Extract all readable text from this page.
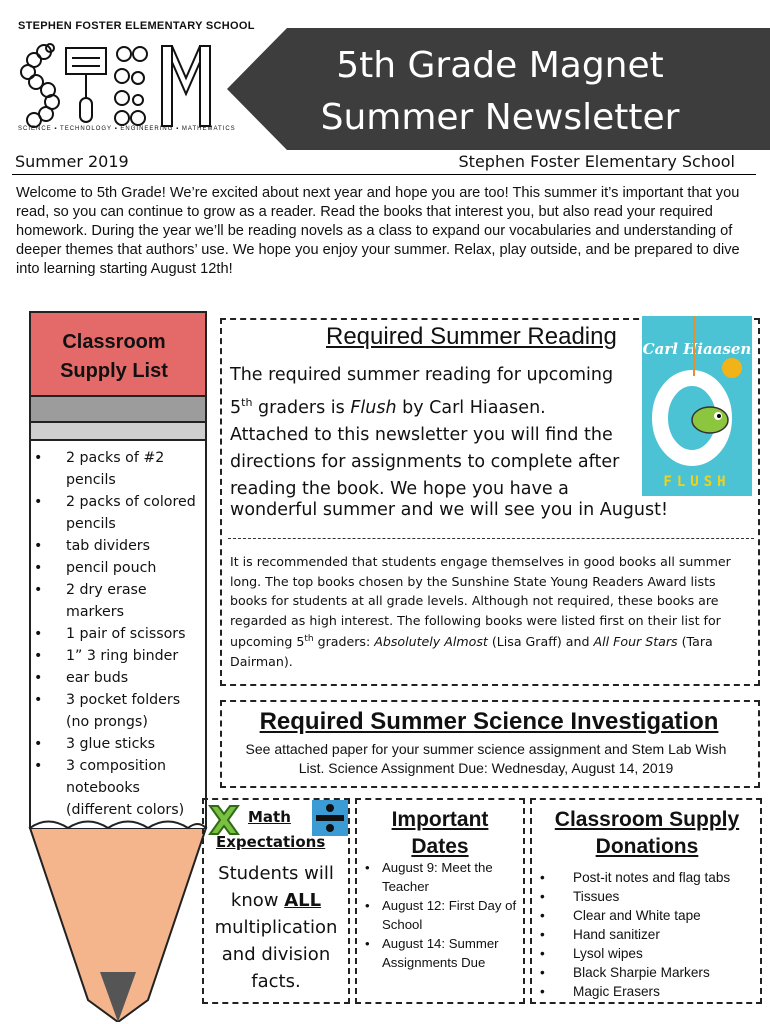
STEPHEN FOSTER ELEMENTARY SCHOOL
SCIENCE ▪ TECHNOLOGY ▪ ENGINEERING ▪ MATHEMATICS
5th Grade Magnet
Summer Newsletter
Summer 2019	Stephen Foster Elementary School
Welcome to 5th Grade! We’re excited about next year and hope you are too! This summer it’s important that you read, so you can continue to grow as a reader. Read the books that interest you, but also read your required homework. During the year we’ll be reading novels as a class to expand our vocabularies and understanding of deeper themes that authors’ use. We hope you enjoy your summer. Relax, play outside, and be prepared to dive into learning starting August 12th!
Classroom
Supply List
• 2 packs of #2 pencils
• 2 packs of colored pencils
• tab dividers
• pencil pouch
• 2 dry erase markers
• 1 pair of scissors
• 1” 3 ring binder
• ear buds
• 3 pocket folders (no prongs)
• 3 glue sticks
• 3 composition notebooks (different colors)
Required Summer Reading
The required summer reading for upcoming
5th graders is Flush by Carl Hiaasen.
Attached to this newsletter you will find the directions for assignments to complete after reading the book. We hope you have a
wonderful summer and we will see you in August!
Carl Hiaasen
FLUSH
It is recommended that students engage themselves in good books all summer long. The top books chosen by the Sunshine State Young Readers Award lists books for students at all grade levels. Although not required, these books are regarded as high interest. The following books were listed first on their list for upcoming 5th graders: Absolutely Almost (Lisa Graff) and All Four Stars (Tara Dairman).
Required Summer Science Investigation
See attached paper for your summer science assignment and Stem Lab Wish List. Science Assignment Due: Wednesday, August 14, 2019
Math
Expectations
Students will know ALL multiplication and division facts.
Important
Dates
• August 9: Meet the Teacher
• August 12: First Day of School
• August 14: Summer Assignments Due
Classroom Supply
Donations
• Post-it notes and flag tabs
• Tissues
• Clear and White tape
• Hand sanitizer
• Lysol wipes
• Black Sharpie Markers
• Magic Erasers
